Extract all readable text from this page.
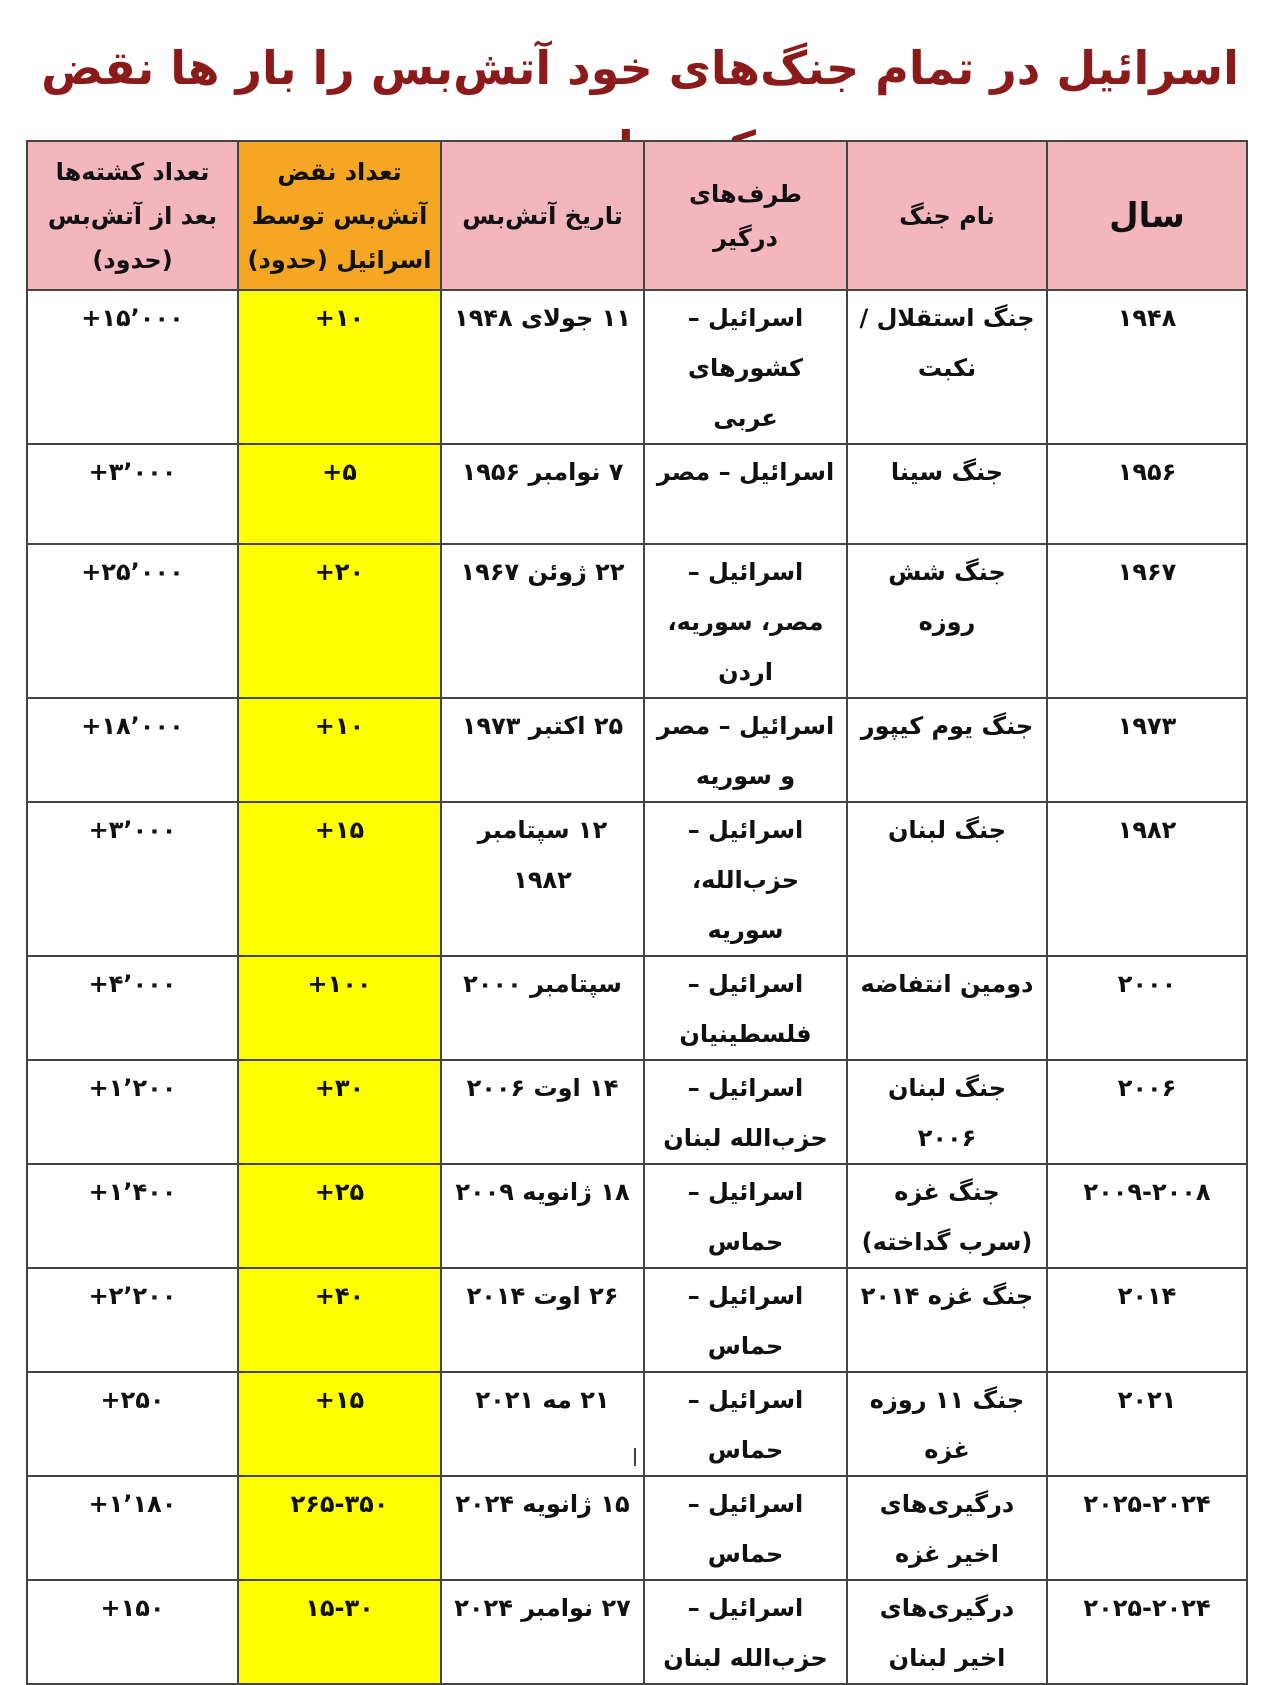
اسرائیل در تمام جنگ‌های خود آتش‌بس را بار ها نقض
سال	نام جنگ	طرف‌های درگیر	تاریخ آتش‌بس	تعداد نقض آتش‌بس توسط اسرائیل (حدود)	تعداد کشته‌ها بعد از آتش‌بس (حدود)
۱۹۴۸	جنگ استقلال / نکبت	اسرائیل – کشورهای عربی	۱۱ جولای ۱۹۴۸	+۱۰	+۱۵٬۰۰۰
۱۹۵۶	جنگ سینا	اسرائیل – مصر	۷ نوامبر ۱۹۵۶	+۵	+۳٬۰۰۰
۱۹۶۷	جنگ شش روزه	اسرائیل – مصر، سوریه، اردن	۲۲ ژوئن ۱۹۶۷	+۲۰	+۲۵٬۰۰۰
۱۹۷۳	جنگ یوم کیپور	اسرائیل – مصر و سوریه	۲۵ اکتبر ۱۹۷۳	+۱۰	+۱۸٬۰۰۰
۱۹۸۲	جنگ لبنان	اسرائیل – حزب‌الله، سوریه	۱۲ سپتامبر ۱۹۸۲	+۱۵	+۳٬۰۰۰
۲۰۰۰	دومین انتفاضه	اسرائیل – فلسطینیان	سپتامبر ۲۰۰۰	+۱۰۰	+۴٬۰۰۰
۲۰۰۶	جنگ لبنان ۲۰۰۶	اسرائیل – حزب‌الله لبنان	۱۴ اوت ۲۰۰۶	+۳۰	+۱٬۲۰۰
۲۰۰۹-۲۰۰۸	جنگ غزه (سرب گداخته)	اسرائیل – حماس	۱۸ ژانویه ۲۰۰۹	+۲۵	+۱٬۴۰۰
۲۰۱۴	جنگ غزه ۲۰۱۴	اسرائیل – حماس	۲۶ اوت ۲۰۱۴	+۴۰	+۲٬۲۰۰
۲۰۲۱	جنگ ۱۱ روزه غزه	اسرائیل – حماس	۲۱ مه ۲۰۲۱	+۱۵	+۲۵۰
۲۰۲۵-۲۰۲۴	درگیری‌های اخیر غزه	اسرائیل – حماس	۱۵ ژانویه ۲۰۲۴	۲۶۵-۳۵۰	+۱٬۱۸۰
۲۰۲۵-۲۰۲۴	درگیری‌های اخیر لبنان	اسرائیل – حزب‌الله لبنان	۲۷ نوامبر ۲۰۲۴	۱۵-۳۰	+۱۵۰
